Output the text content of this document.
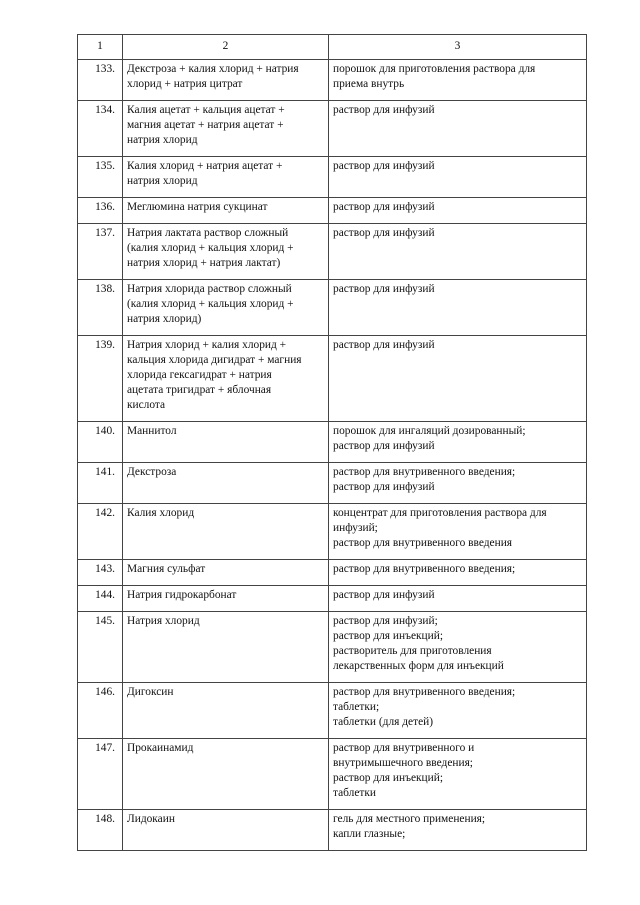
1	2	3
133.	Декстроза + калия хлорид + натрия
хлорид + натрия цитрат	порошок для приготовления раствора для
приема внутрь

134.	Калия ацетат + кальция ацетат +
магния ацетат + натрия ацетат +
натрия хлорид	раствор для инфузий

135.	Калия хлорид + натрия ацетат +
натрия хлорид	раствор для инфузий

136.	Меглюмина натрия сукцинат	раствор для инфузий

137.	Натрия лактата раствор сложный
(калия хлорид + кальция хлорид +
натрия хлорид + натрия лактат)	раствор для инфузий

138.	Натрия хлорида раствор сложный
(калия хлорид + кальция хлорид +
натрия хлорид)	раствор для инфузий

139.	Натрия хлорид + калия хлорид +
кальция хлорида дигидрат + магния
хлорида гексагидрат + натрия
ацетата тригидрат + яблочная
кислота	раствор для инфузий

140.	Маннитол	порошок для ингаляций дозированный;
раствор для инфузий

141.	Декстроза	раствор для внутривенного введения;
раствор для инфузий

142.	Калия хлорид	концентрат для приготовления раствора для
инфузий;
раствор для внутривенного введения

143.	Магния сульфат	раствор для внутривенного введения;

144.	Натрия гидрокарбонат	раствор для инфузий

145.	Натрия хлорид	раствор для инфузий;
раствор для инъекций;
растворитель для приготовления
лекарственных форм для инъекций

146.	Дигоксин	раствор для внутривенного введения;
таблетки;
таблетки (для детей)

147.	Прокаинамид	раствор для внутривенного и
внутримышечного введения;
раствор для инъекций;
таблетки

148.	Лидокаин	гель для местного применения;
капли глазные;
